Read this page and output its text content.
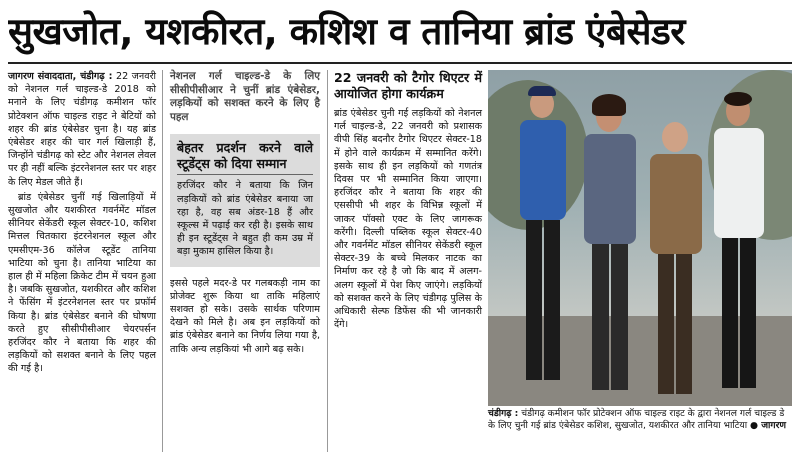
सुखजोत, यशकीरत, कशिश व तानिया ब्रांड एंबेसेडर

जागरण संवाददाता, चंडीगढ़ : 22 जनवरी को नेशनल गर्ल चाइल्ड-डे 2018 को मनाने के लिए चंडीगढ़ कमीशन फॉर प्रोटेक्शन ऑफ चाइल्ड राइट ने बेटियों को शहर की ब्रांड एंबेसेडर चुना है। यह ब्रांड एंबेसेडर शहर की चार गर्ल खिलाड़ी हैं, जिन्होंने चंडीगढ़ को स्टेट और नेशनल लेवल पर ही नहीं बल्कि इंटरनेशनल स्तर पर शहर के लिए मेडल जीते हैं।

ब्रांड एंबेसेडर चुनीं गई खिलाड़ियों में सुखजोत और यशकीरत गवर्नमेंट मॉडल सीनियर सेकेंडरी स्कूल सेक्टर-10, कशिश मित्तल चितकारा इंटरनेशनल स्कूल और एमसीएम-36 कॉलेज स्टूडेंट तानिया भाटिया को चुना है। तानिया भाटिया का हाल ही में महिला क्रिकेट टीम में चयन हुआ है। जबकि सुखजोत, यशकीरत और कशिश ने फेंसिंग में इंटरनेशनल स्तर पर प्रफॉर्म किया है। ब्रांड एंबेसेडर बनाने की घोषणा करते हुए सीसीपीसीआर चेयरपर्सन हरजिंदर कौर ने बताया कि शहर की लड़कियों को सशक्त बनाने के लिए पहल की गई है।

नेशनल गर्ल चाइल्ड-डे के लिए सीसीपीसीआर ने चुनीं ब्रांड एंबेसेडर, लड़कियों को सशक्त करने के लिए है पहल
बेहतर प्रदर्शन करने वाले स्टूडेंट्स को दिया सम्मान
हरजिंदर कौर ने बताया कि जिन लड़कियों को ब्रांड एंबेसेडर बनाया जा रहा है, वह सब अंडर-18 हैं और स्कूल्स में पढ़ाई कर रही है। इसके साथ ही इन स्टूडेंट्स ने बहुत ही कम उम्र में बड़ा मुकाम हासिल किया है।

इससे पहले मदर-डे पर गलबकड़ी नाम का प्रोजेक्ट शुरू किया था ताकि महिलाएं सशक्त हो सके। उसके सार्थक परिणाम देखने को मिले है। अब इन लड़कियों को ब्रांड एंबेसेडर बनाने का निर्णय लिया गया है, ताकि अन्य लड़कियां भी आगे बढ़ सके।

22 जनवरी को टैगोर थिएटर में आयोजित होगा कार्यक्रम

ब्रांड एंबेसेडर चुनी गई लड़कियों को नेशनल गर्ल चाइल्ड-डे, 22 जनवरी को प्रशासक वीपी सिंह बदनौर टैगोर थिएटर सेक्टर-18 में होने वाले कार्यक्रम में सम्मानित करेंगे। इसके साथ ही इन लड़कियों को गणतंत्र दिवस पर भी सम्मानित किया जाएगा। हरजिंदर कौर ने बताया कि शहर की एससीपी भी शहर के विभिन्न स्कूलों में जाकर पॉक्सो एक्ट के लिए जागरूक करेंगी। दिल्ली पब्लिक स्कूल सेक्टर-40 और गवर्नमेंट मॉडल सीनियर सेकेंडरी स्कूल सेक्टर-39 के बच्चे मिलकर नाटक का निर्माण कर रहे है जो कि बाद में अलग-अलग स्कूलों में पेश किए जाएंगे। लड़कियों को सशक्त करने के लिए चंडीगढ़ पुलिस के अधिकारी सेल्फ डिफेंस की भी जानकारी देंगे।

चंडीगढ़ : चंडीगढ़ कमीशन फॉर प्रोटेक्शन ऑफ चाइल्ड राइट के द्वारा नेशनल गर्ल चाइल्ड डे के लिए चुनी गई ब्रांड एंबेसेडर कशिश, सुखजोत, यशकीरत और तानिया भाटिया ● जागरण
